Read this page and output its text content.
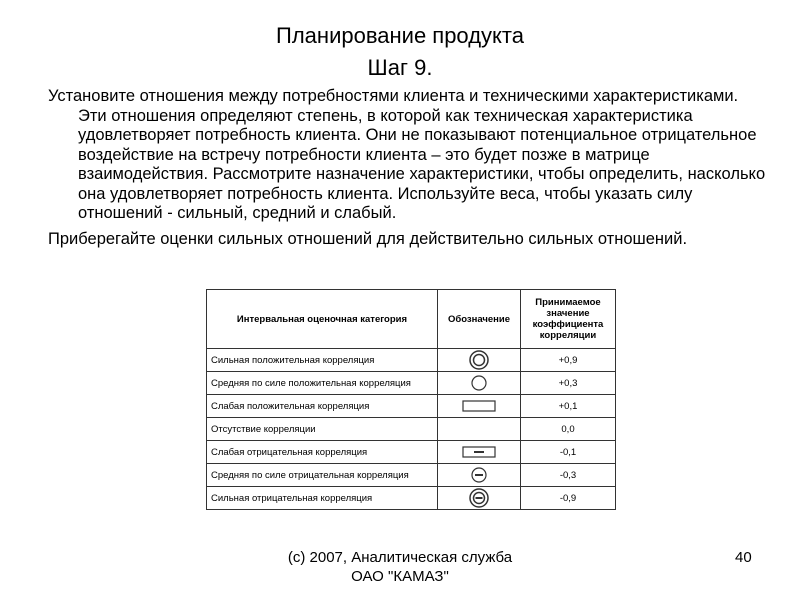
Планирование продукта
Шаг 9.

Установите отношения между потребностями клиента и техническими характеристиками. Эти отношения определяют степень, в которой как техническая характеристика удовлетворяет потребность клиента. Они не показывают потенциальное отрицательное воздействие на встречу потребности клиента – это будет позже в матрице взаимодействия. Рассмотрите назначение характеристики, чтобы определить, насколько она удовлетворяет потребность клиента. Используйте веса, чтобы указать силу отношений - сильный, средний и слабый.

Приберегайте оценки сильных отношений для действительно сильных отношений.

Интервальная оценочная категория	Обозначение	Принимаемое значение коэффициента корреляции
Сильная положительная корреляция		+0,9
Средняя по силе положительная корреляция		+0,3
Слабая положительная корреляция		+0,1
Отсутствие корреляции		0,0
Слабая отрицательная корреляция		-0,1
Средняя по силе отрицательная корреляция		-0,3
Сильная отрицательная корреляция		-0,9
(c) 2007, Аналитическая служба
ОАО "КАМАЗ"
40
